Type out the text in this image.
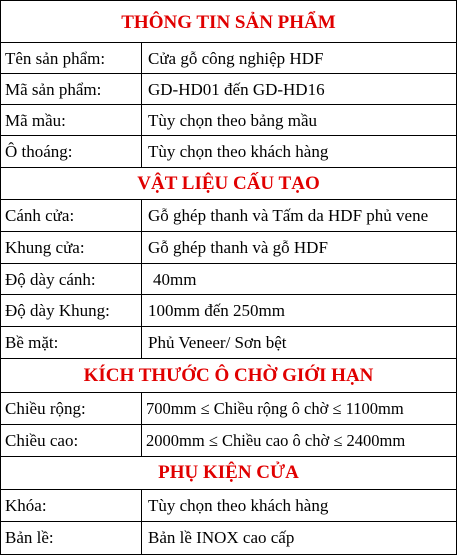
THÔNG TIN SẢN PHẨM
Tên sản phẩm:	Cửa gỗ công nghiệp HDF
Mã sản phẩm:	GD-HD01 đến GD-HD16
Mã mầu:	Tùy chọn theo bảng mầu
Ô thoáng:	Tùy chọn theo khách hàng
VẬT LIỆU CẤU TẠO
Cánh cửa:	Gỗ ghép thanh và Tấm da HDF phủ vene
Khung cửa:	Gỗ ghép thanh và gỗ HDF
Độ dày cánh:	40mm
Độ dày Khung:	100mm đến 250mm
Bề mặt:	Phủ Veneer/ Sơn bệt
KÍCH THƯỚC Ô CHỜ GIỚI HẠN
Chiều rộng:	700mm ≤ Chiều rộng ô chờ ≤ 1100mm
Chiều cao:	2000mm ≤ Chiều cao ô chờ ≤ 2400mm
PHỤ KIỆN CỬA
Khóa:	Tùy chọn theo khách hàng
Bản lề:	Bản lề INOX cao cấp
